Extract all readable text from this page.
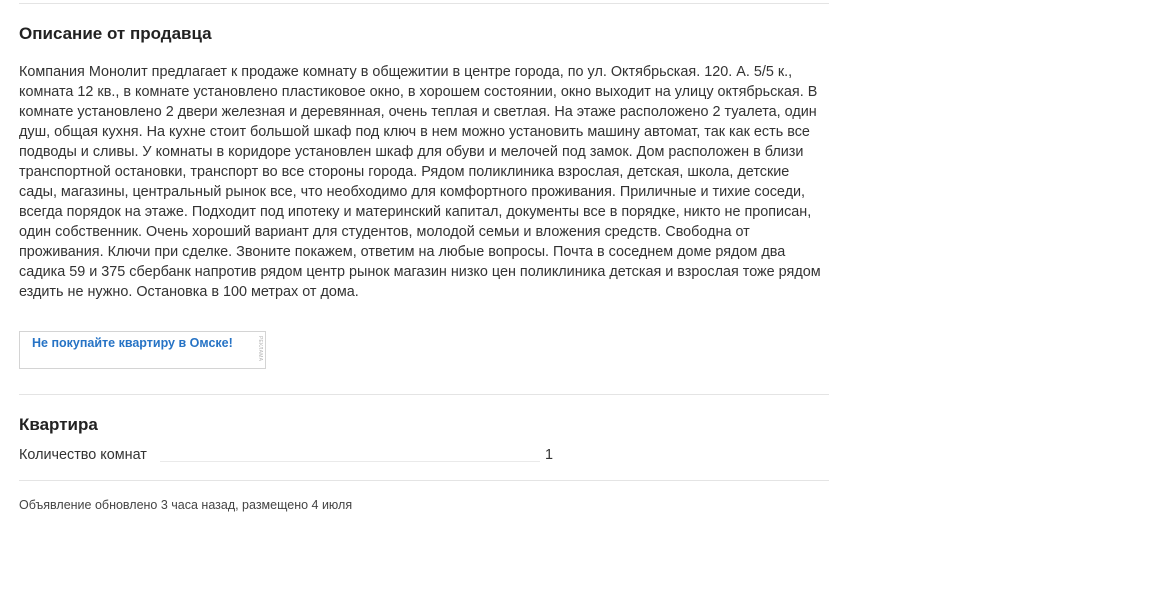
Описание от продавца
Компания Монолит предлагает к продаже комнату в общежитии в центре города, по ул. Октябрьская. 120. А. 5/5 к., комната 12 кв., в комнате установлено пластиковое окно, в хорошем состоянии, окно выходит на улицу октябрьская. В комнате установлено 2 двери железная и деревянная, очень теплая и светлая. На этаже расположено 2 туалета, один душ, общая кухня. На кухне стоит большой шкаф под ключ в нем можно установить машину автомат, так как есть все подводы и сливы. У комнаты в коридоре установлен шкаф для обуви и мелочей под замок. Дом расположен в близи транспортной остановки, транспорт во все стороны города. Рядом поликлиника взрослая, детская, школа, детские сады, магазины, центральный рынок все, что необходимо для комфортного проживания. Приличные и тихие соседи, всегда порядок на этаже. Подходит под ипотеку и материнский капитал, документы все в порядке, никто не прописан, один собственник. Очень хороший вариант для студентов, молодой семьи и вложения средств. Свободна от проживания. Ключи при сделке. Звоните покажем, ответим на любые вопросы. Почта в соседнем доме рядом два садика 59 и 375 сбербанк напротив рядом центр рынок магазин низко цен поликлиника детская и взрослая тоже рядом ездить не нужно. Остановка в 100 метрах от дома.
Не покупайте квартиру в Омске!	РЕКЛАМА
Квартира
Количество комнат	1
Объявление обновлено 3 часа назад, размещено 4 июля
